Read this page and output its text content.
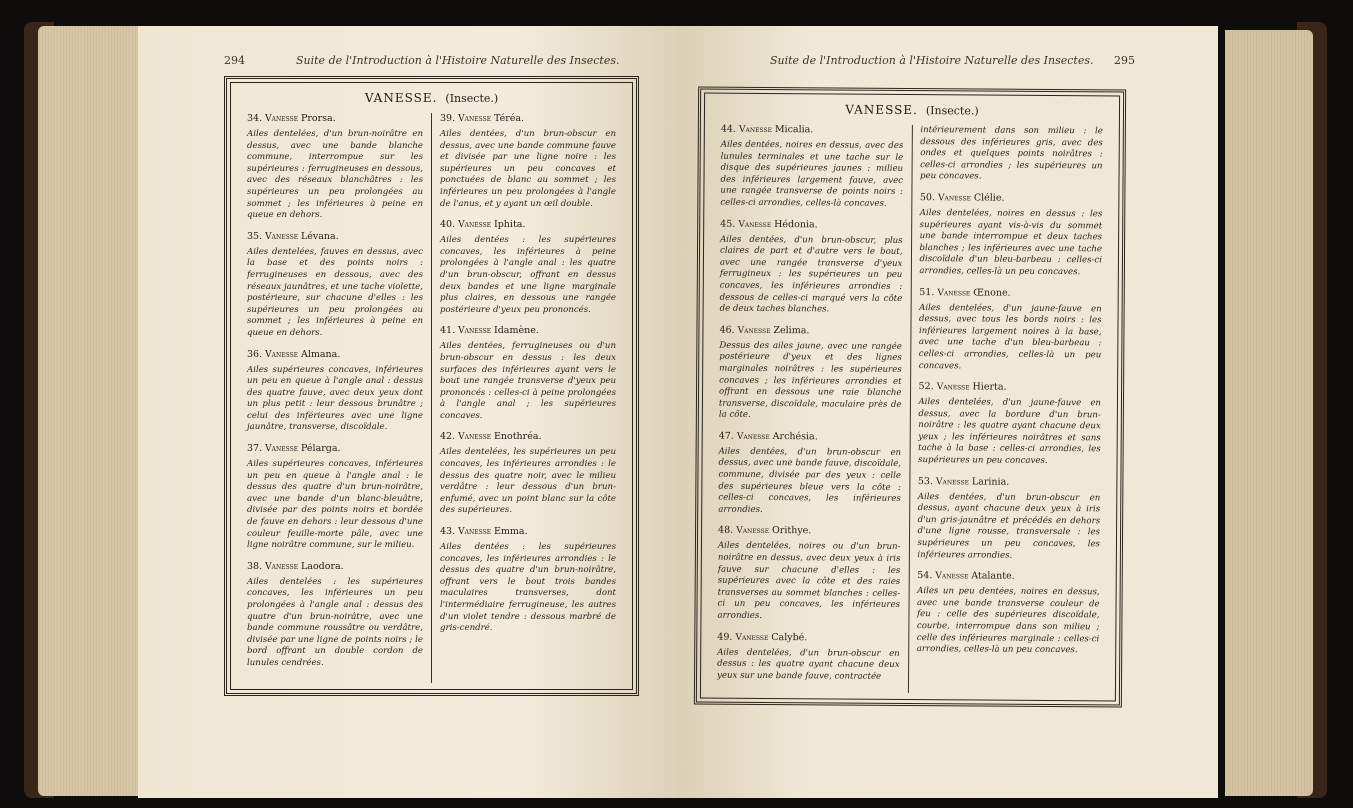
294	Suite de l'Introduction à l'Histoire Naturelle des Insectes.
VANESSE. (Insecte.)
34. Vanesse Prorsa.
Ailes dentelées, d'un brun-noirâtre en dessus, avec une bande blanche commune, interrompue sur les supérieures : ferrugineuses en dessous, avec des réseaux blanchâtres : les supérieures un peu prolongées au sommet ; les inférieures à peine en queue en dehors.
35. Vanesse Lévana.
Ailes dentelées, fauves en dessus, avec la base et des points noirs : ferrugineuses en dessous, avec des réseaux jaunâtres, et une tache violette, postérieure, sur chacune d'elles : les supérieures un peu prolongées au sommet ; les inférieures à peine en queue en dehors.
36. Vanesse Almana.
Ailes supérieures concaves, inférieures un peu en queue à l'angle anal : dessus des quatre fauve, avec deux yeux dont un plus petit : leur dessous brunâtre ; celui des inférieures avec une ligne jaunâtre, transverse, discoïdale.
37. Vanesse Pélarga.
Ailes supérieures concaves, inférieures un peu en queue à l'angle anal : le dessus des quatre d'un brun-noirâtre, avec une bande d'un blanc-bleuâtre, divisée par des points noirs et bordée de fauve en dehors : leur dessous d'une couleur feuille-morte pâle, avec une ligne noirâtre commune, sur le milieu.
38. Vanesse Laodora.
Ailes dentelées : les supérieures concaves, les inférieures un peu prolongées à l'angle anal : dessus des quatre d'un brun-noirâtre, avec une bande commune roussâtre ou verdâtre, divisée par une ligne de points noirs ; le bord offrant un double cordon de lunules cendrées.
39. Vanesse Téréa.
Ailes dentées, d'un brun-obscur en dessus, avec une bande commune fauve et divisée par une ligne noire : les supérieures un peu concaves et ponctuées de blanc au sommet ; les inférieures un peu prolongées à l'angle de l'anus, et y ayant un œil double.
40. Vanesse Iphita.
Ailes dentées : les supérieures concaves, les inférieures à peine prolongées à l'angle anal : les quatre d'un brun-obscur, offrant en dessus deux bandes et une ligne marginale plus claires, en dessous une rangée postérieure d'yeux peu prononcés.
41. Vanesse Idamène.
Ailes dentées, ferrugineuses ou d'un brun-obscur en dessus : les deux surfaces des inférieures ayant vers le bout une rangée transverse d'yeux peu prononcés : celles-ci à peine prolongées à l'angle anal ; les supérieures concaves.
42. Vanesse Enothréa.
Ailes dentelées, les supérieures un peu concaves, les inférieures arrondies : le dessus des quatre noir, avec le milieu verdâtre : leur dessous d'un brun-enfumé, avec un point blanc sur la côte des supérieures.
43. Vanesse Emma.
Ailes dentées : les supérieures concaves, les inférieures arrondies : le dessus des quatre d'un brun-noirâtre, offrant vers le bout trois bandes maculaires transverses, dont l'intermédiaire ferrugineuse, les autres d'un violet tendre : dessous marbré de gris-cendré.
Suite de l'Introduction à l'Histoire Naturelle des Insectes. 295
VANESSE. (Insecte.)
44. Vanesse Micalia.
Ailes dentées, noires en dessus, avec des lunules terminales et une tache sur le disque des supérieures jaunes : milieu des inférieures largement fauve, avec une rangée transverse de points noirs : celles-ci arrondies, celles-là concaves.
45. Vanesse Hédonia.
Ailes dentées, d'un brun-obscur, plus claires de part et d'autre vers le bout, avec une rangée transverse d'yeux ferrugineux : les supérieures un peu concaves, les inférieures arrondies : dessous de celles-ci marqué vers la côte de deux taches blanches.
46. Vanesse Zelima.
Dessus des ailes jaune, avec une rangée postérieure d'yeux et des lignes marginales noirâtres : les supérieures concaves ; les inférieures arrondies et offrant en dessous une raie blanche transverse, discoïdale, maculaire près de la côte.
47. Vanesse Archésia.
Ailes dentées, d'un brun-obscur en dessus, avec une bande fauve, discoïdale, commune, divisée par des yeux : celle des supérieures bleue vers la côte : celles-ci concaves, les inférieures arrondies.
48. Vanesse Orithye.
Ailes dentelées, noires ou d'un brun-noirâtre en dessus, avec deux yeux à iris fauve sur chacune d'elles : les supérieures avec la côte et des raies transverses au sommet blanches : celles-ci un peu concaves, les inférieures arrondies.
49. Vanesse Calybé.
Ailes dentelées, d'un brun-obscur en dessus : les quatre ayant chacune deux yeux sur une bande fauve, contractée
intérieurement dans son milieu : le dessous des inférieures gris, avec des ondes et quelques points noirâtres : celles-ci arrondies ; les supérieures un peu concaves.
50. Vanesse Clélie.
Ailes dentelées, noires en dessus : les supérieures ayant vis-à-vis du sommet une bande interrompue et deux taches blanches ; les inférieures avec une tache discoïdale d'un bleu-barbeau : celles-ci arrondies, celles-là un peu concaves.
51. Vanesse Œnone.
Ailes dentelées, d'un jaune-fauve en dessus, avec tous les bords noirs : les inférieures largement noires à la base, avec une tache d'un bleu-barbeau : celles-ci arrondies, celles-là un peu concaves.
52. Vanesse Hierta.
Ailes dentelées, d'un jaune-fauve en dessus, avec la bordure d'un brun-noirâtre : les quatre ayant chacune deux yeux ; les inférieures noirâtres et sans tache à la base : celles-ci arrondies, les supérieures un peu concaves.
53. Vanesse Larinia.
Ailes dentées, d'un brun-obscur en dessus, ayant chacune deux yeux à iris d'un gris-jaunâtre et précédés en dehors d'une ligne rousse, transversale : les supérieures un peu concaves, les inférieures arrondies.
54. Vanesse Atalante.
Ailes un peu dentées, noires en dessus, avec une bande transverse couleur de feu : celle des supérieures discoïdale, courbe, interrompue dans son milieu ; celle des inférieures marginale : celles-ci arrondies, celles-là un peu concaves.
